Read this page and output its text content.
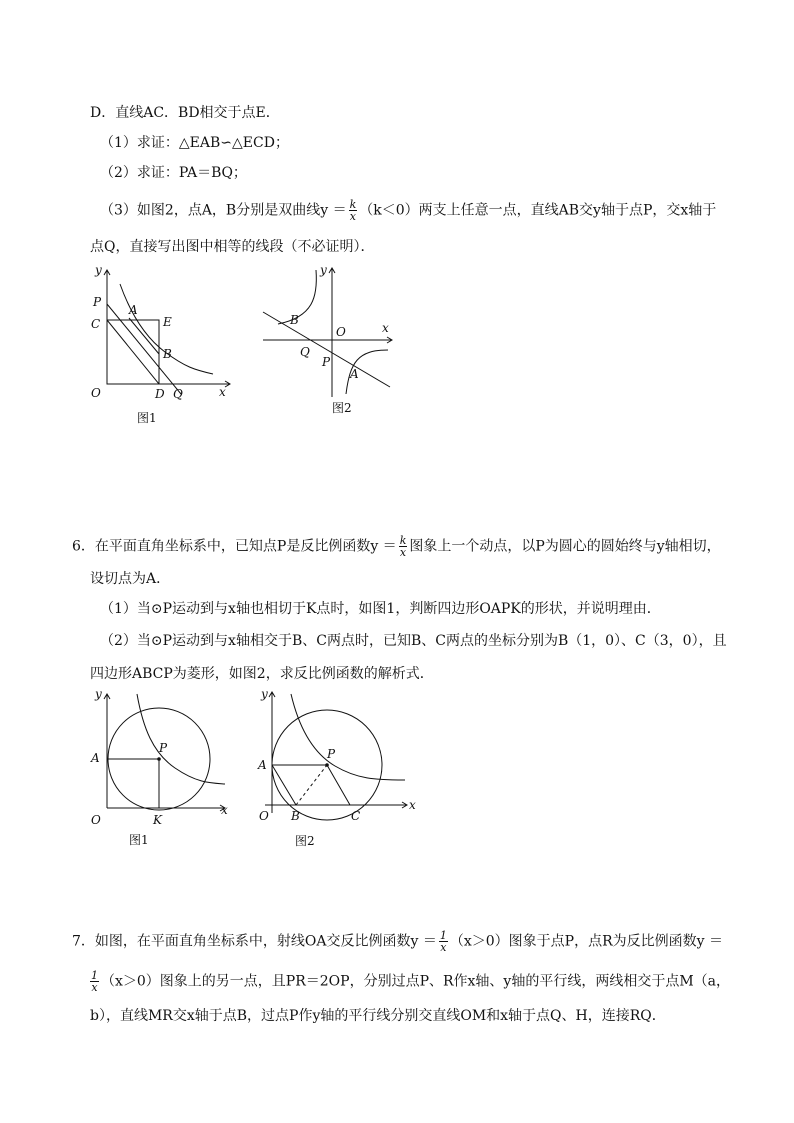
D．直线AC．BD相交于点E．
（1）求证：△EAB∽△ECD；
（2）求证：PA＝BQ；
（3）如图2，点A，B分别是双曲线$y = \frac{k}{x} (k<0)$两支上任意一点，直线AB交y轴于点P，交x轴于
点Q，直接写出图中相等的线段（不必证明）．
y
x
O
P
C
A
E
B
D Q
图1
y
x
O
B
Q
P
A
图2
6．在平面直角坐标系中，已知点P是反比例函数$y = \frac{k}{x}$ 图象上一个动点，以P为圆心的圆始终与y轴相切，
设切点为A．
（1）当⊙P运动到与x轴也相切于K点时，如图1，判断四边形OAPK的形状，并说明理由．
（2）当⊙P运动到与x轴相交于B、C两点时，已知B、C两点的坐标分别为B（1，0）、C（3，0），且
四边形ABCP为菱形，如图2，求反比例函数的解析式．
y
x
O
A
P
K
图1
y
x
O
A
P
B	C
图2
7．如图，在平面直角坐标系中，射线OA交反比例函数$y = \frac{1}{x} (x>0)$图象于点P，点R为反比例函数y ＝
$\frac{1}{x} (x>0)$图象上的另一点，且PR＝2OP，分别过点P、R作x轴、y轴的平行线，两线相交于点M（a，
b），直线MR交x轴于点B，过点P作y轴的平行线分别交直线OM和x轴于点Q、H，连接RQ．
